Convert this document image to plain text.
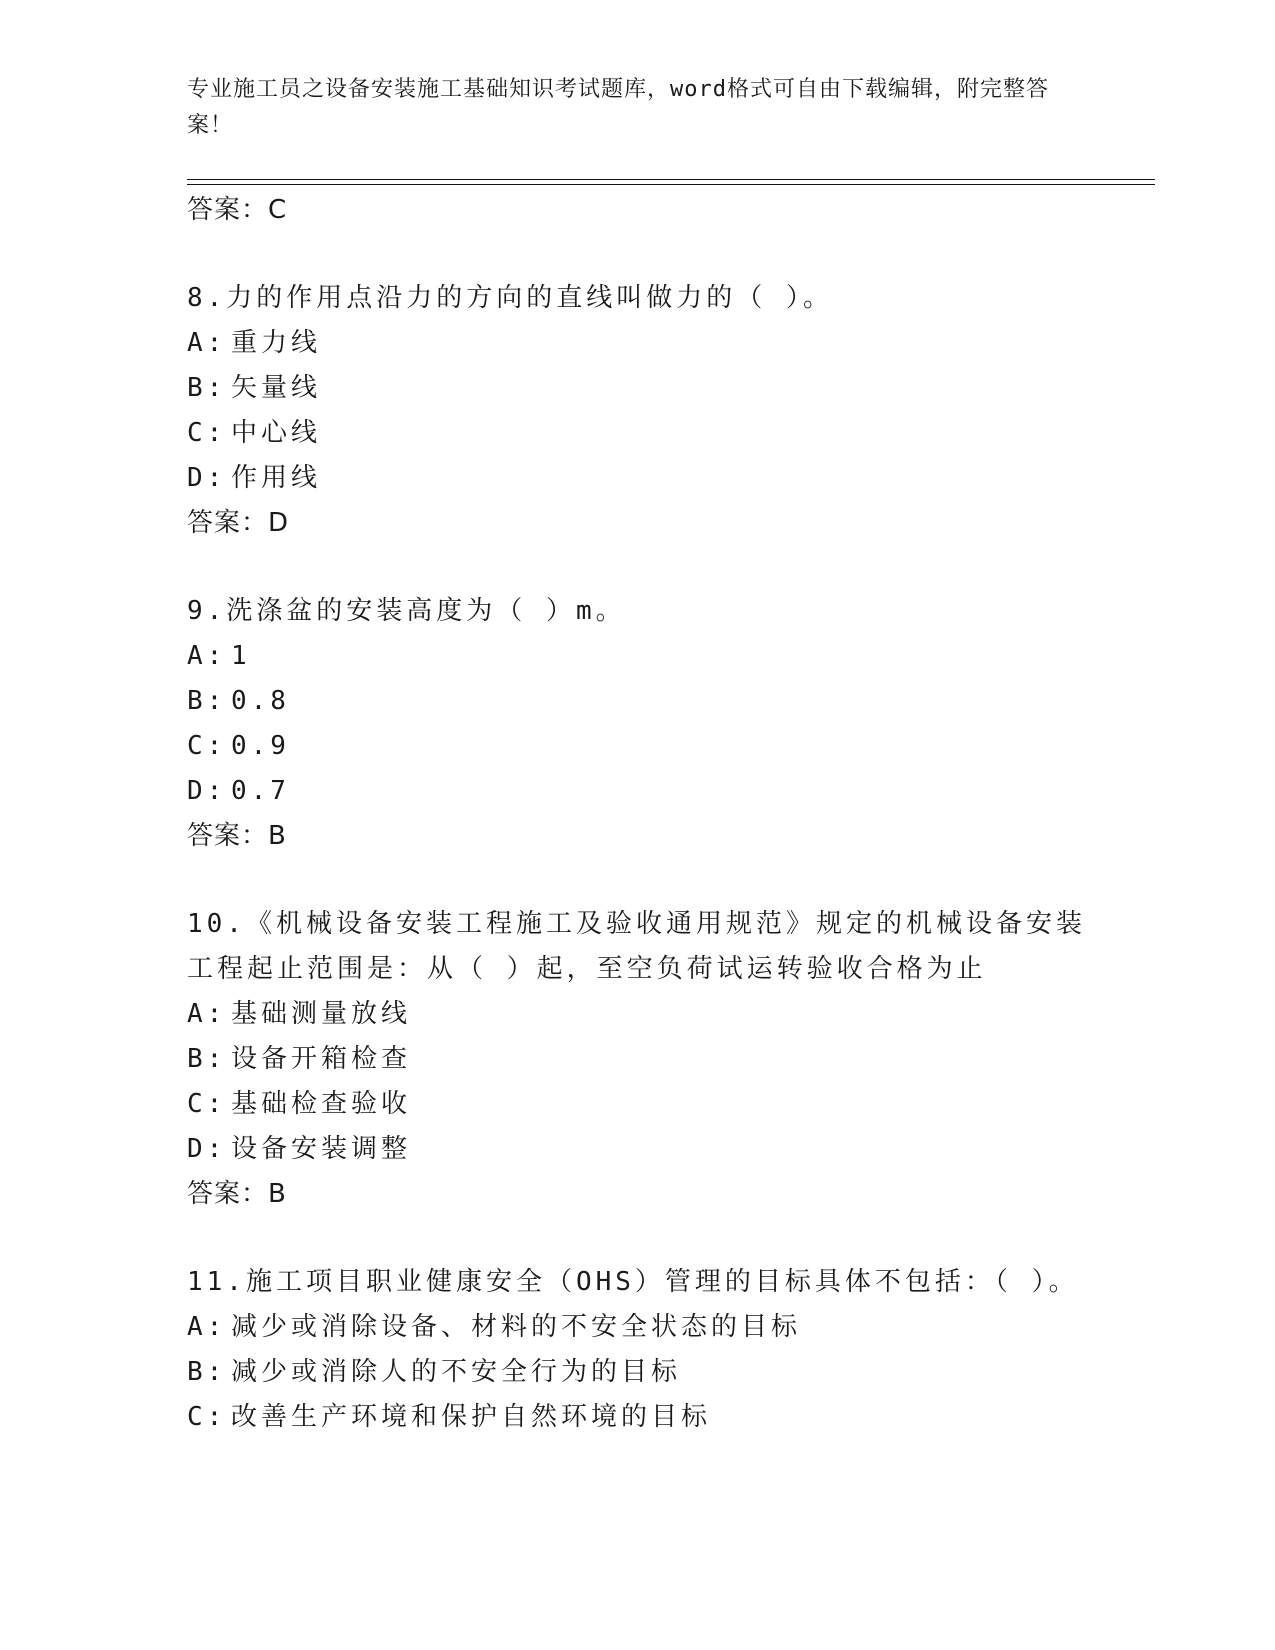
专业施工员之设备安装施工基础知识考试题库，word格式可自由下载编辑，附完整答案！
答案：C
8.力的作用点沿力的方向的直线叫做力的（ ）。
A: 重力线
B: 矢量线
C: 中心线
D: 作用线
答案：D
9.洗涤盆的安装高度为（ ）m。
A: 1
B: 0.8
C: 0.9
D: 0.7
答案：B
10.《机械设备安装工程施工及验收通用规范》规定的机械设备安装工程起止范围是：从（ ）起，至空负荷试运转验收合格为止
A: 基础测量放线
B: 设备开箱检查
C: 基础检查验收
D: 设备安装调整
答案：B
11.施工项目职业健康安全（OHS）管理的目标具体不包括：（ ）。
A: 减少或消除设备、材料的不安全状态的目标
B: 减少或消除人的不安全行为的目标
C: 改善生产环境和保护自然环境的目标
